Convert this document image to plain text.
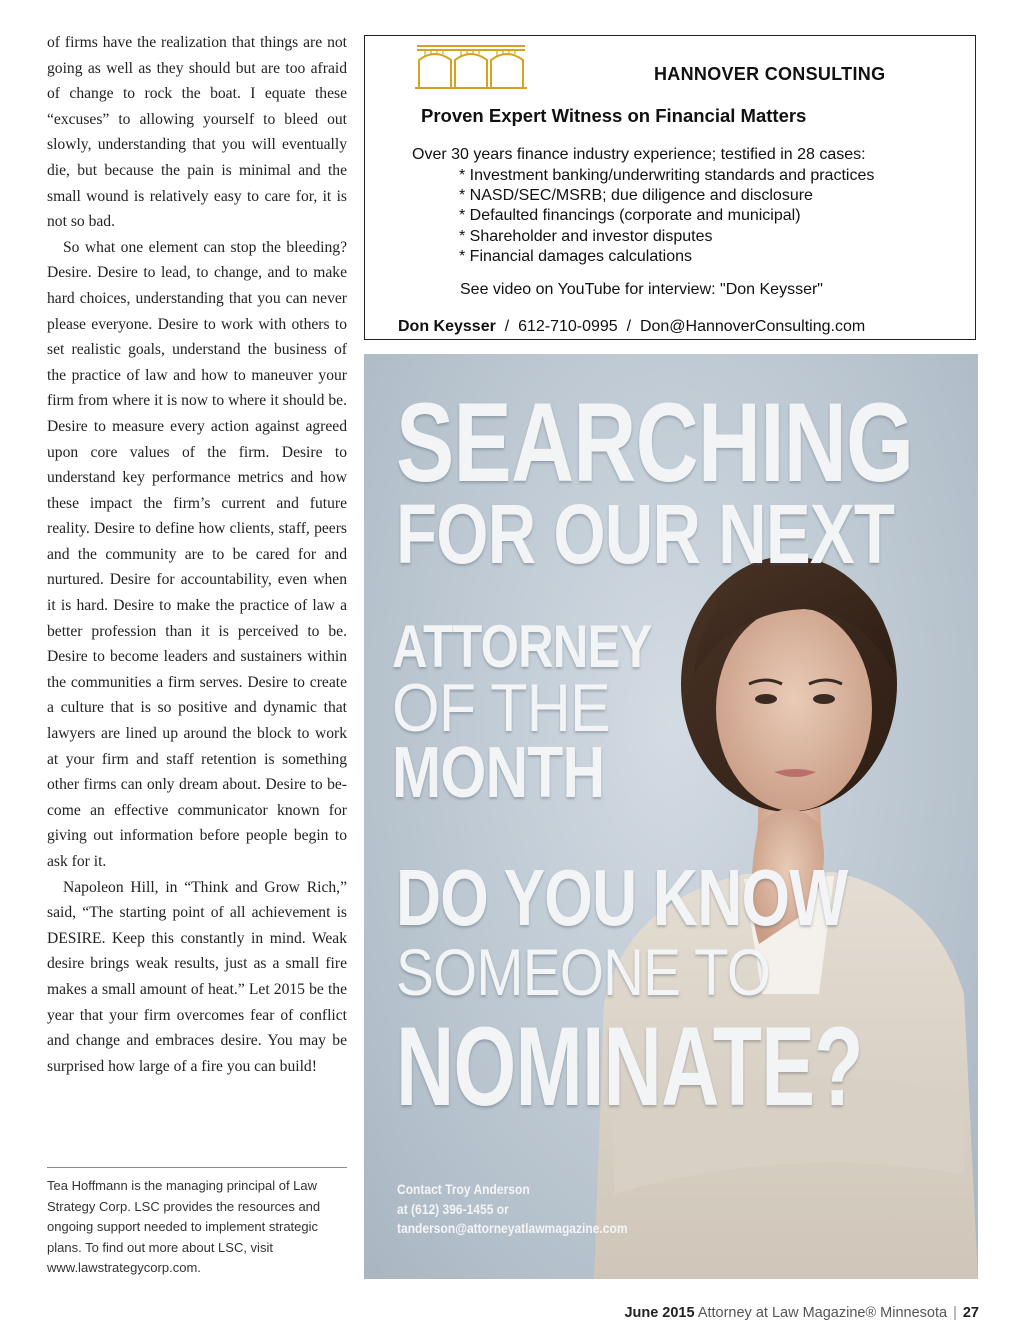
of firms have the realization that things are not going as well as they should but are too afraid of change to rock the boat. I equate these “excuses” to allowing yourself to bleed out slowly, understanding that you will eventually die, but because the pain is minimal and the small wound is relatively easy to care for, it is not so bad.

So what one element can stop the bleeding? Desire. Desire to lead, to change, and to make hard choices, understanding that you can never please everyone. Desire to work with others to set realistic goals, understand the business of the practice of law and how to maneuver your firm from where it is now to where it should be. Desire to measure every action against agreed upon core values of the firm. Desire to understand key performance metrics and how these impact the firm’s current and future reality. Desire to define how clients, staff, peers and the community are to be cared for and nurtured. Desire for accountability, even when it is hard. Desire to make the practice of law a better profession than it is perceived to be. Desire to become leaders and sustainers within the communities a firm serves. Desire to create a culture that is so positive and dynamic that lawyers are lined up around the block to work at your firm and staff retention is something other firms can only dream about. Desire to become an effective communicator known for giving out information before people begin to ask for it.

Napoleon Hill, in “Think and Grow Rich,” said, “The starting point of all achievement is DESIRE. Keep this constantly in mind. Weak desire brings weak results, just as a small fire makes a small amount of heat.” Let 2015 be the year that your firm overcomes fear of conflict and change and embraces desire. You may be surprised how large of a fire you can build!

Tea Hoffmann is the managing principal of Law Strategy Corp. LSC provides the resources and ongoing support needed to implement strategic plans. To find out more about LSC, visit www.lawstrategycorp.com.

HANNOVER CONSULTING
Proven Expert Witness on Financial Matters
Over 30 years finance industry experience; testified in 28 cases:
* Investment banking/underwriting standards and practices
* NASD/SEC/MSRB; due diligence and disclosure
* Defaulted financings (corporate and municipal)
* Shareholder and investor disputes
* Financial damages calculations
See video on YouTube for interview: "Don Keysser"
Don Keysser / 612-710-0995 / Don@HannoverConsulting.com
SEARCHING
FOR OUR NEXT
ATTORNEY
OF THE
MONTH
DO YOU KNOW
SOMEONE TO
NOMINATE?
Contact Troy Anderson
at (612) 396-1455 or
tanderson@attorneyatlawmagazine.com
June 2015 Attorney at Law Magazine® Minnesota | 27
